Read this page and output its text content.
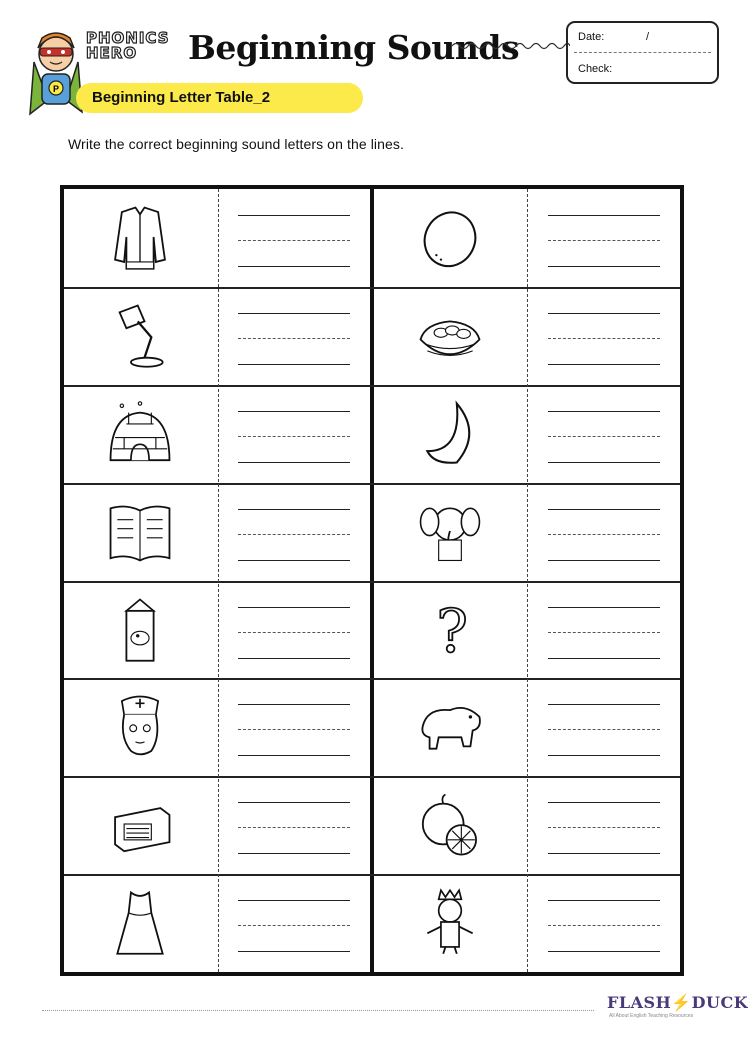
P
PHONICS
HERO Beginning Sounds	Date:	/
Check:
Beginning Letter Table_2
Write the correct beginning sound letters on the lines.
?
FLASH⚡DUCK
All About English Teaching Resources
